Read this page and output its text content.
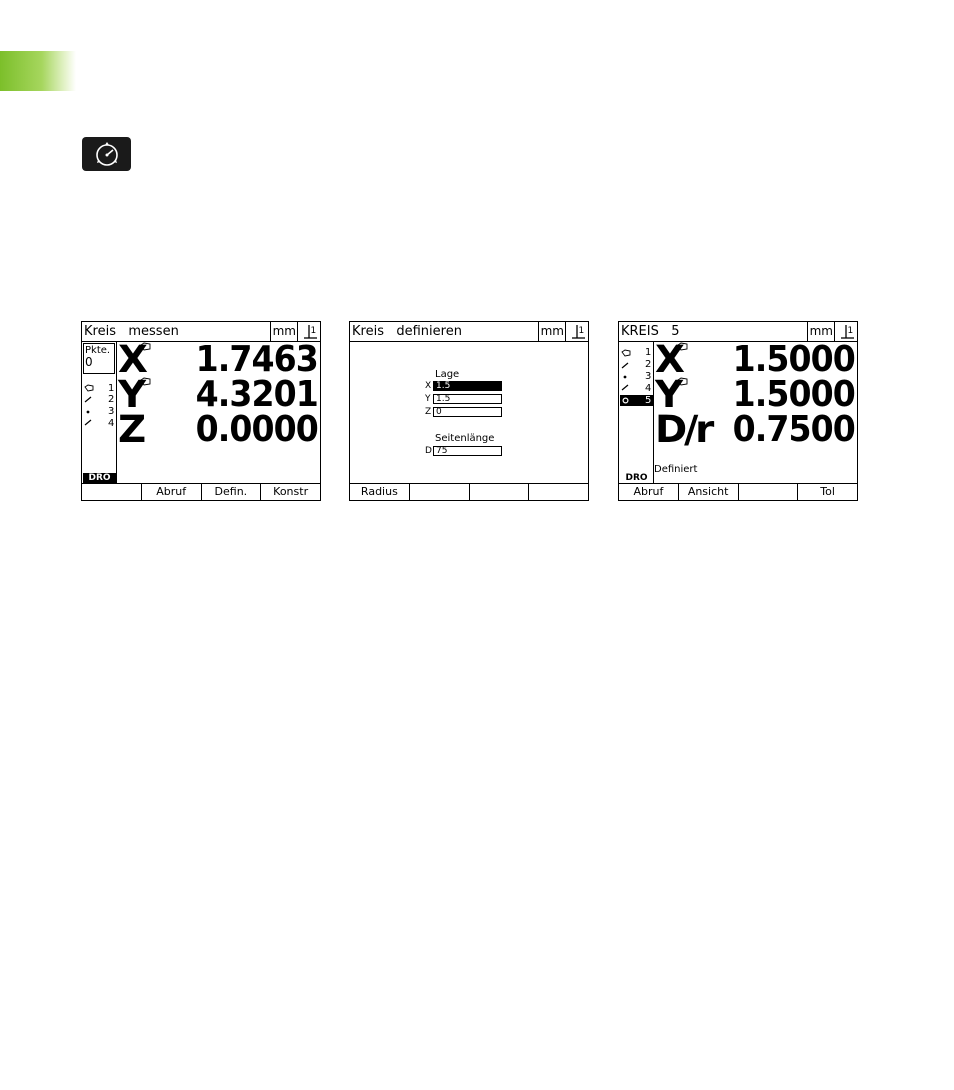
Kreis   messen	mm 1
Pkte.
0
1
2
3
4
DRO
X 1.7463
Y 4.3201
Z 0.0000
Abruf	Defin.	Konstr
Kreis   definieren	mm 1
Lage
X 1.5
Y 1.5
Z 0
Seitenlänge
D 75
Radius
KREIS   5	mm 1
1
2
3
4
5
DRO
X 1.5000
Y 1.5000
D/r 0.7500
Definiert
Abruf	Ansicht	Tol
